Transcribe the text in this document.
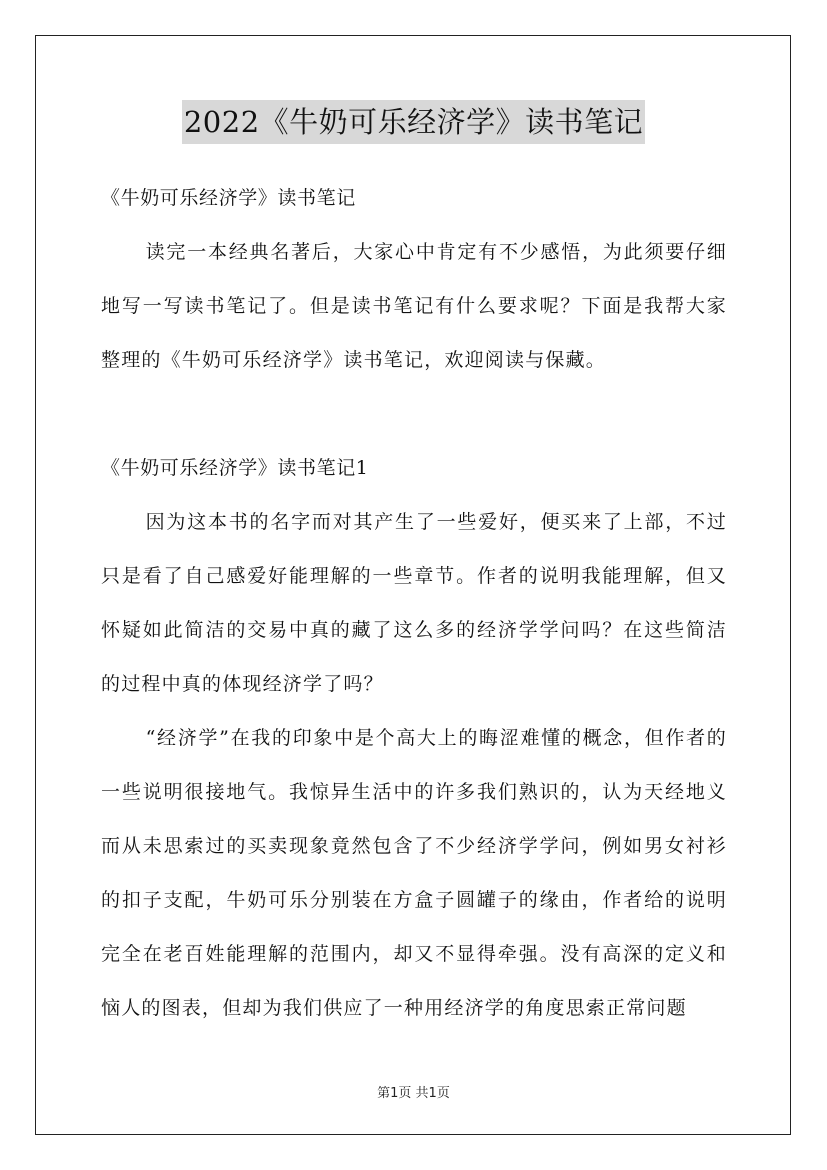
2022《牛奶可乐经济学》读书笔记

《牛奶可乐经济学》读书笔记

读完一本经典名著后，大家心中肯定有不少感悟，为此须要仔细地写一写读书笔记了。但是读书笔记有什么要求呢？下面是我帮大家整理的《牛奶可乐经济学》读书笔记，欢迎阅读与保藏。

《牛奶可乐经济学》读书笔记1

因为这本书的名字而对其产生了一些爱好，便买来了上部，不过只是看了自己感爱好能理解的一些章节。作者的说明我能理解，但又怀疑如此简洁的交易中真的藏了这么多的经济学学问吗？在这些简洁的过程中真的体现经济学了吗？

“经济学”在我的印象中是个高大上的晦涩难懂的概念，但作者的一些说明很接地气。我惊异生活中的许多我们熟识的，认为天经地义而从未思索过的买卖现象竟然包含了不少经济学学问，例如男女衬衫的扣子支配，牛奶可乐分别装在方盒子圆罐子的缘由，作者给的说明完全在老百姓能理解的范围内，却又不显得牵强。没有高深的定义和恼人的图表，但却为我们供应了一种用经济学的角度思索正常问题

第1页 共1页
